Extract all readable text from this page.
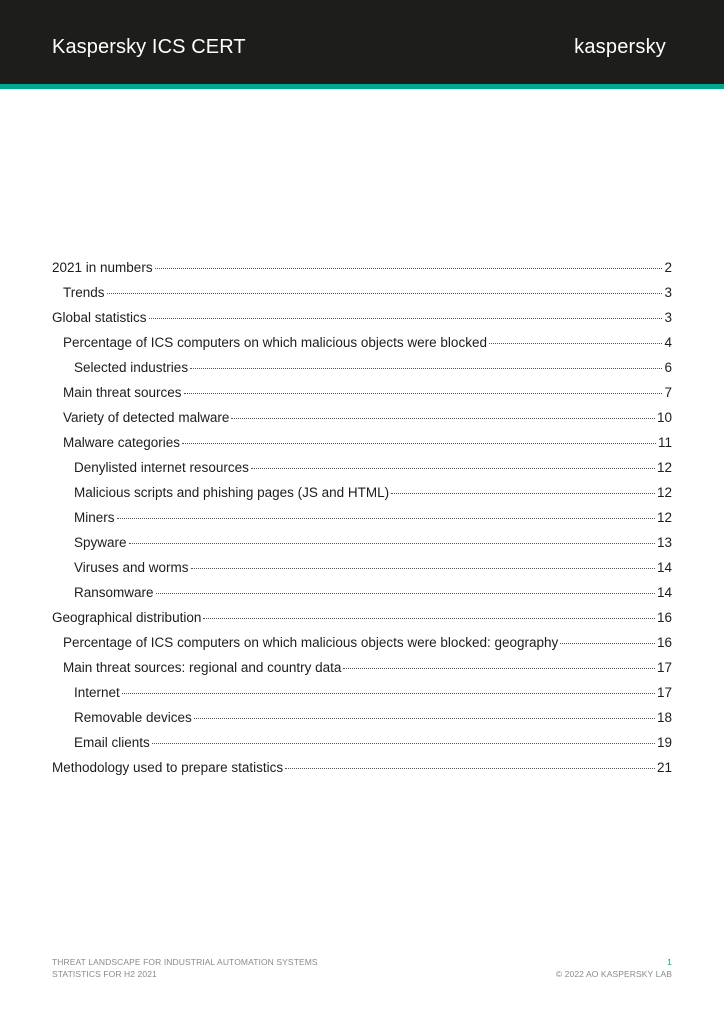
Kaspersky ICS CERT	kaspersky
2021 in numbers	2
Trends	3
Global statistics	3
Percentage of ICS computers on which malicious objects were blocked	4
Selected industries	6
Main threat sources	7
Variety of detected malware	10
Malware categories	11
Denylisted internet resources	12
Malicious scripts and phishing pages (JS and HTML)	12
Miners	12
Spyware	13
Viruses and worms	14
Ransomware	14
Geographical distribution	16
Percentage of ICS computers on which malicious objects were blocked: geography	16
Main threat sources: regional and country data	17
Internet	17
Removable devices	18
Email clients	19
Methodology used to prepare statistics	21
THREAT LANDSCAPE FOR INDUSTRIAL AUTOMATION SYSTEMS
STATISTICS FOR H2 2021
1
© 2022 AO KASPERSKY LAB
